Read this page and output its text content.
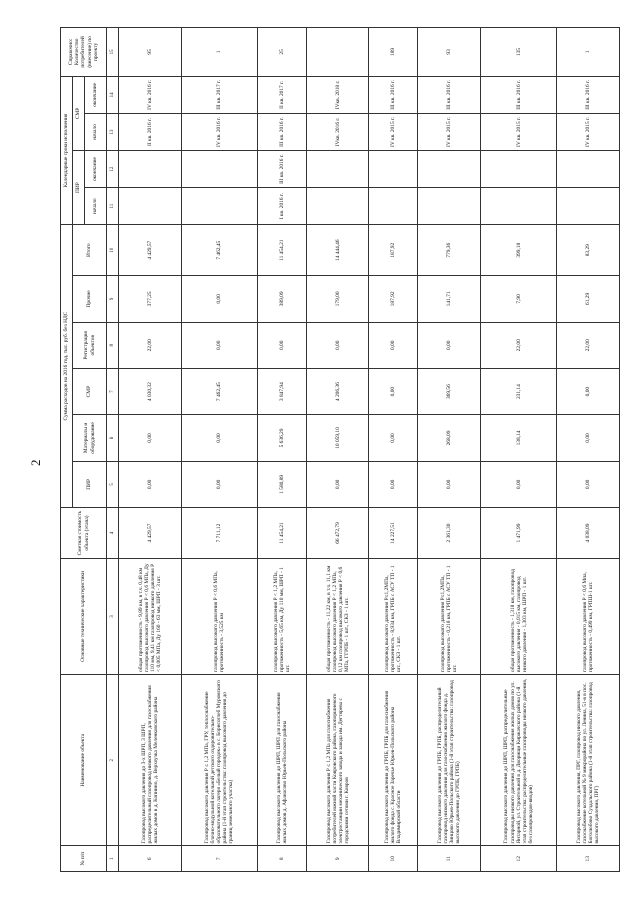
2
№ п/п	Наименование объекта	Основные технические характеристики	Сметная стоимость объекта (этапа)	Сумма расходов на 2016 год, тыс. руб. без НДС						Календарные сроки исполнения				Справочно: Количество потребителей (внесение) по проекту
				ПИР	Материалы и оборудование	СМР	Регистрация объектов	Прочие	Итого	ПИР		СМР		
										начало	окончание	начало	окончание	
1	2	3	4	5	6	7	8	9	10	11	12	13	14	15
6	Газопровод высокого давления до 3-х ШРП, 3 ШРП, распределительный газопровод низкого давления для газоснабжения жилых домов в д. Копнино, д. Верхоузка Меленковского района	общая протяженность - 9,89 км, в т.ч. 0,48 км газопровод высокого давления Р < 0,6 МПа, Ду 110 мм, 9,41 км газопровод низкого давления Р < 0,005 МПа, Ду 160 - 63 мм, ШРП - 3 шт.	4 429,57	0,00	0,00	4 030,32	22,00	377,25	4 429,57			II кв. 2016 г.	IV кв. 2016 г.	95
7	Газопровод высокого давления Р ≤ 1,2 МПа, ГРУ, теплоснабжение блочно-модульной котельной детского оздоровительно-образовательного лагеря «Белый городок» в с. Борисоглеб Муромского района (1-й этап строительства: газопровод высокого давления до границ земельного участка)	газопровод высокого давления Р < 0,6 МПа, протяженность - 3,525 км	7 711,12	0,00	0,00	7 462,45	0,00	0,00	7 462,45			IV кв. 2016 г.	III кв. 2017 г.	1
8	Газопровод высокого давления до ШРП, ШРП для газоснабжения жилых домов д. Афанасово Юрьев-Польского района	газопровод высокого давления Р < 1,2 МПа, протяженность - 5,65 км, Ду 110 мм, ШРП - 1 шт.	11 454,21	1 580,89	5 636,29	3 847,94	0,00	389,09	11 454,21	I кв. 2016 г.	III кв. 2016 г.	III кв. 2016 г.	II кв. 2017 г.	25
9	Газопровод высокого давления Р ≤ 1,2 МПа для газоснабжения потребителей южной части Ковровского района, газопоршневого электростанции механического завода и завода им. Дегтярева с городскими сетями г. Ковров	общая протяженность - 11,22 км, в т.ч. 11,1 км газопровод высокого давления Р < 1,2 МПа, 0,12 км газопровод высокого давления Р < 0,6 МПа, ГГРПБ - 1 шт., СКЗ - 1 шт.	66 472,79	0,00	10 059,10	4 206,36	0,00	179,00	14 444,46			IVкв. 2016 г.	IVкв. 2018 г.	
10	Газопровод высокого давления до ГРПБ, ГРПБ для газоснабжения жилого фонда с. Красное Заречье Юрьев-Польского района Владимирской области	газопровод высокого давления Р≤1,2МПа, протяженность - 8,934 км, ГРПБ с АСУ ТП - 1 шт., СКЗ - 1 шт.	14 227,51	0,00	0,00	0,00	0,00	187,92	187,92			IV кв. 2015 г.	III кв. 2016 г.	189
11	Газопровод высокого давления до ГРПБ, ГРПБ, распределительный газопровод низкого давления для газоснабжения жилого фонда д. Зинцово Юрьев-Польского района (1-й этап строительства: газопровод высокого давления до ГРПБ, ГРПБ)	газопровод высокого давления Р≤1,2МПа, протяженность - 0,218 км, ГРПБ с АСУ ТП - 1 шт.	2 361,30	0,00	268,09	369,56	0,00	141,71	779,36			IV кв. 2015 г.	III кв. 2016 г.	93
12	Газопровод высокого давления до ШРП, ШРП, распределительные газопроводы низкого давления для газоснабжения жилых домов по ул. Янтарной, ул. Строительной в д. Дворищи Киржачского района (1-й этап строительства: распределительные газопроводы низкого давления, без газопроводов-вводов)	общая протяженность - 1,318 км, газопровод высокого давления - 0,015 км, газопровод низкого давления - 1,303 км, ШРП - 1 шт.	1 471,99	0,00	138,14	231,14	22,00	7,90	399,18			IV кв. 2015 г.	III кв. 2016 г.	135
13	Газопровод высокого давления, ПРГ, газопровод низкого давления, газоснабжение котельной № 9 микрорайона по ул. Ленина, 51-в в пос. Боголюбово Суздальского района (1-й этап строительства: газопровод высокого давления, ПРГ)	газопровод высокого давления Р < 0,6 Мпа, протяженность - 0,499 км, ГРПШ-1 шт.	4 038,09	0,00	0,00	0,00	22,00	61,29	83,29			IV кв. 2015 г.	III кв. 2016 г.	1
